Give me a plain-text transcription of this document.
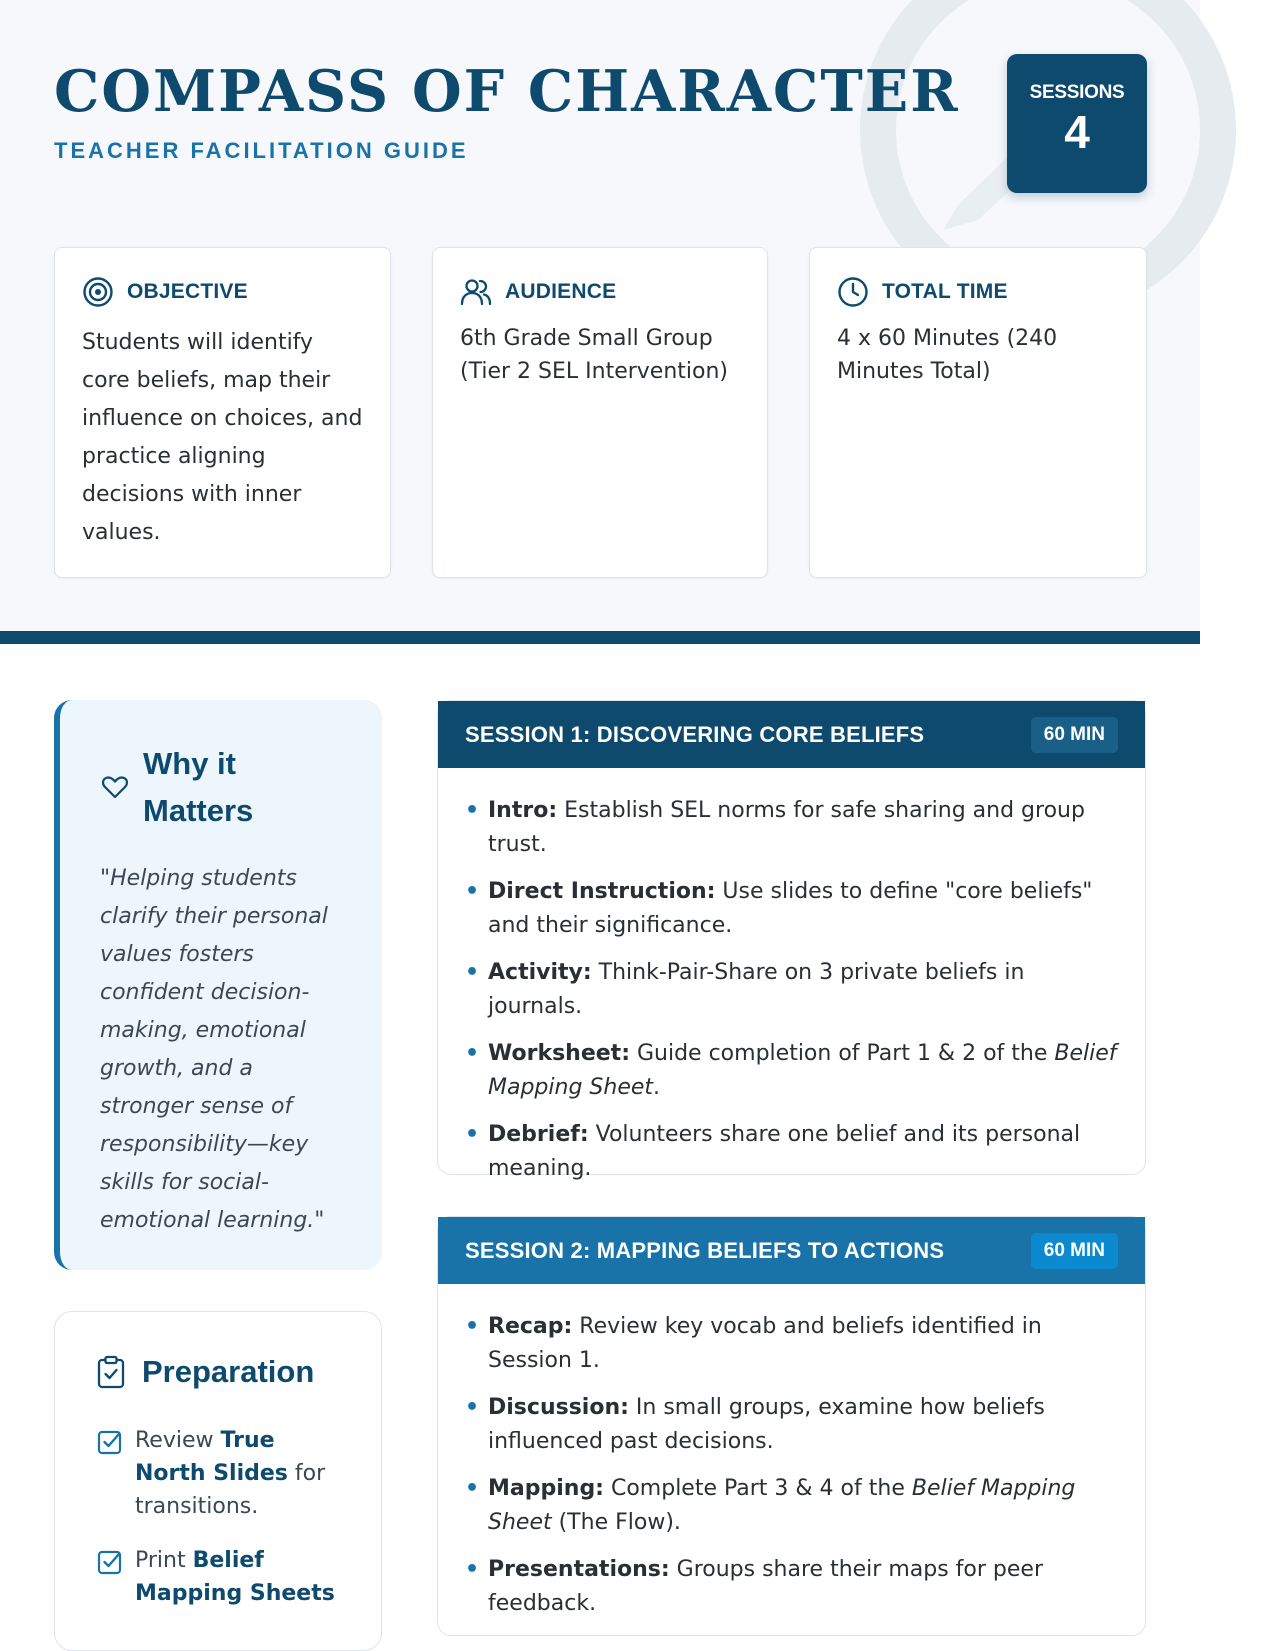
COMPASS OF CHARACTER
TEACHER FACILITATION GUIDE
SESSIONS
4
OBJECTIVE
Students will identify core beliefs, map their influence on choices, and practice aligning decisions with inner values.
AUDIENCE
6th Grade Small Group (Tier 2 SEL Intervention)
TOTAL TIME
4 x 60 Minutes (240 Minutes Total)
Why it Matters
"Helping students clarify their personal values fosters confident decision-making, emotional growth, and a stronger sense of responsibility—key skills for social-emotional learning."
Preparation
Review True North Slides for transitions.
Print Belief Mapping Sheets
SESSION 1: DISCOVERING CORE BELIEFS	60 MIN
• Intro: Establish SEL norms for safe sharing and group trust.
• Direct Instruction: Use slides to define "core beliefs" and their significance.
• Activity: Think-Pair-Share on 3 private beliefs in journals.
• Worksheet: Guide completion of Part 1 & 2 of the Belief Mapping Sheet.
• Debrief: Volunteers share one belief and its personal meaning.
SESSION 2: MAPPING BELIEFS TO ACTIONS	60 MIN
• Recap: Review key vocab and beliefs identified in Session 1.
• Discussion: In small groups, examine how beliefs influenced past decisions.
• Mapping: Complete Part 3 & 4 of the Belief Mapping Sheet (The Flow).
• Presentations: Groups share their maps for peer feedback.
